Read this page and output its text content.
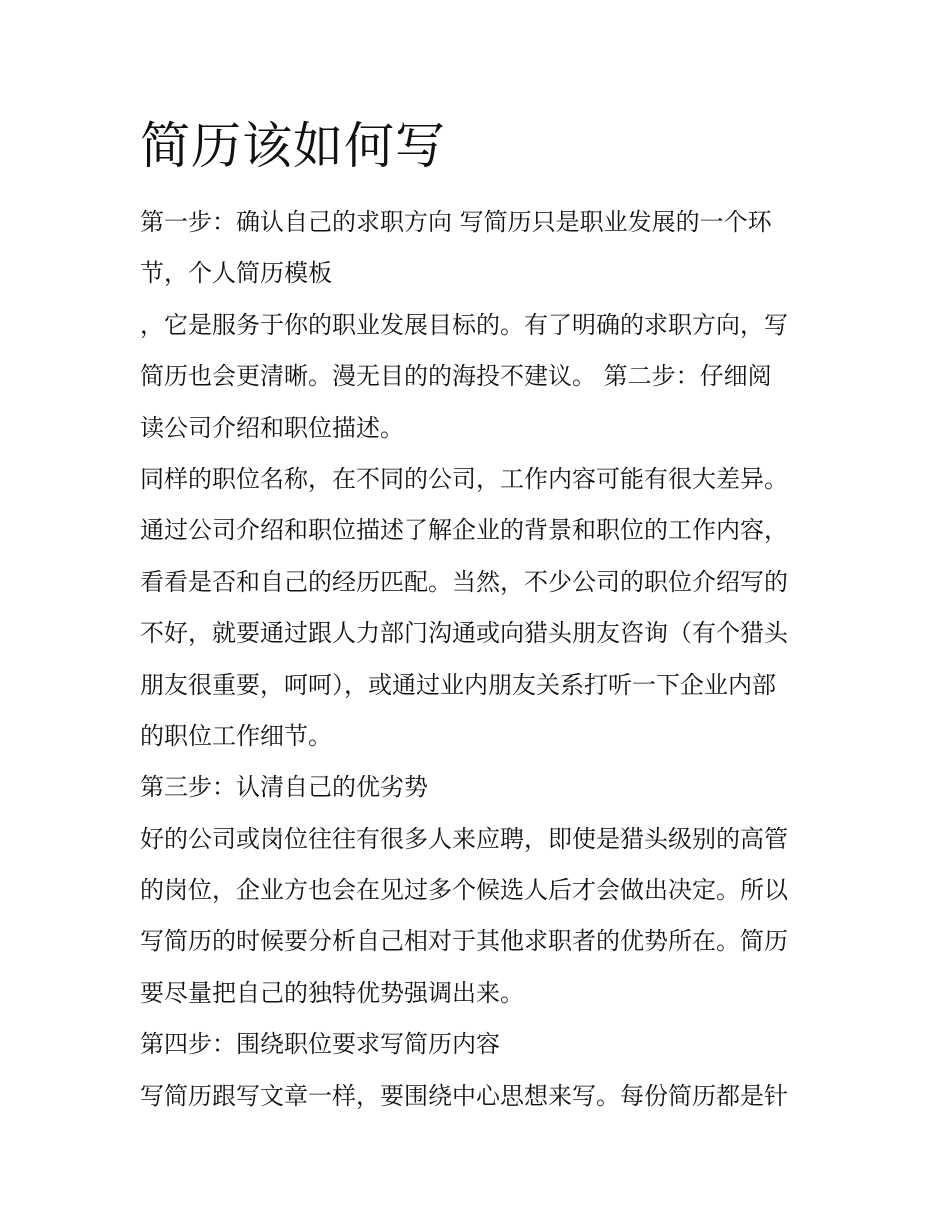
简历该如何写

第一步：确认自己的求职方向 写简历只是职业发展的一个环

节，个人简历模板

，它是服务于你的职业发展目标的。有了明确的求职方向，写

简历也会更清晰。漫无目的的海投不建议。 第二步：仔细阅

读公司介绍和职位描述。

同样的职位名称，在不同的公司，工作内容可能有很大差异。

通过公司介绍和职位描述了解企业的背景和职位的工作内容，

看看是否和自己的经历匹配。当然，不少公司的职位介绍写的

不好，就要通过跟人力部门沟通或向猎头朋友咨询（有个猎头

朋友很重要，呵呵），或通过业内朋友关系打听一下企业内部

的职位工作细节。

第三步：认清自己的优劣势

好的公司或岗位往往有很多人来应聘，即使是猎头级别的高管

的岗位，企业方也会在见过多个候选人后才会做出决定。所以

写简历的时候要分析自己相对于其他求职者的优势所在。简历

要尽量把自己的独特优势强调出来。

第四步：围绕职位要求写简历内容

写简历跟写文章一样，要围绕中心思想来写。每份简历都是针
